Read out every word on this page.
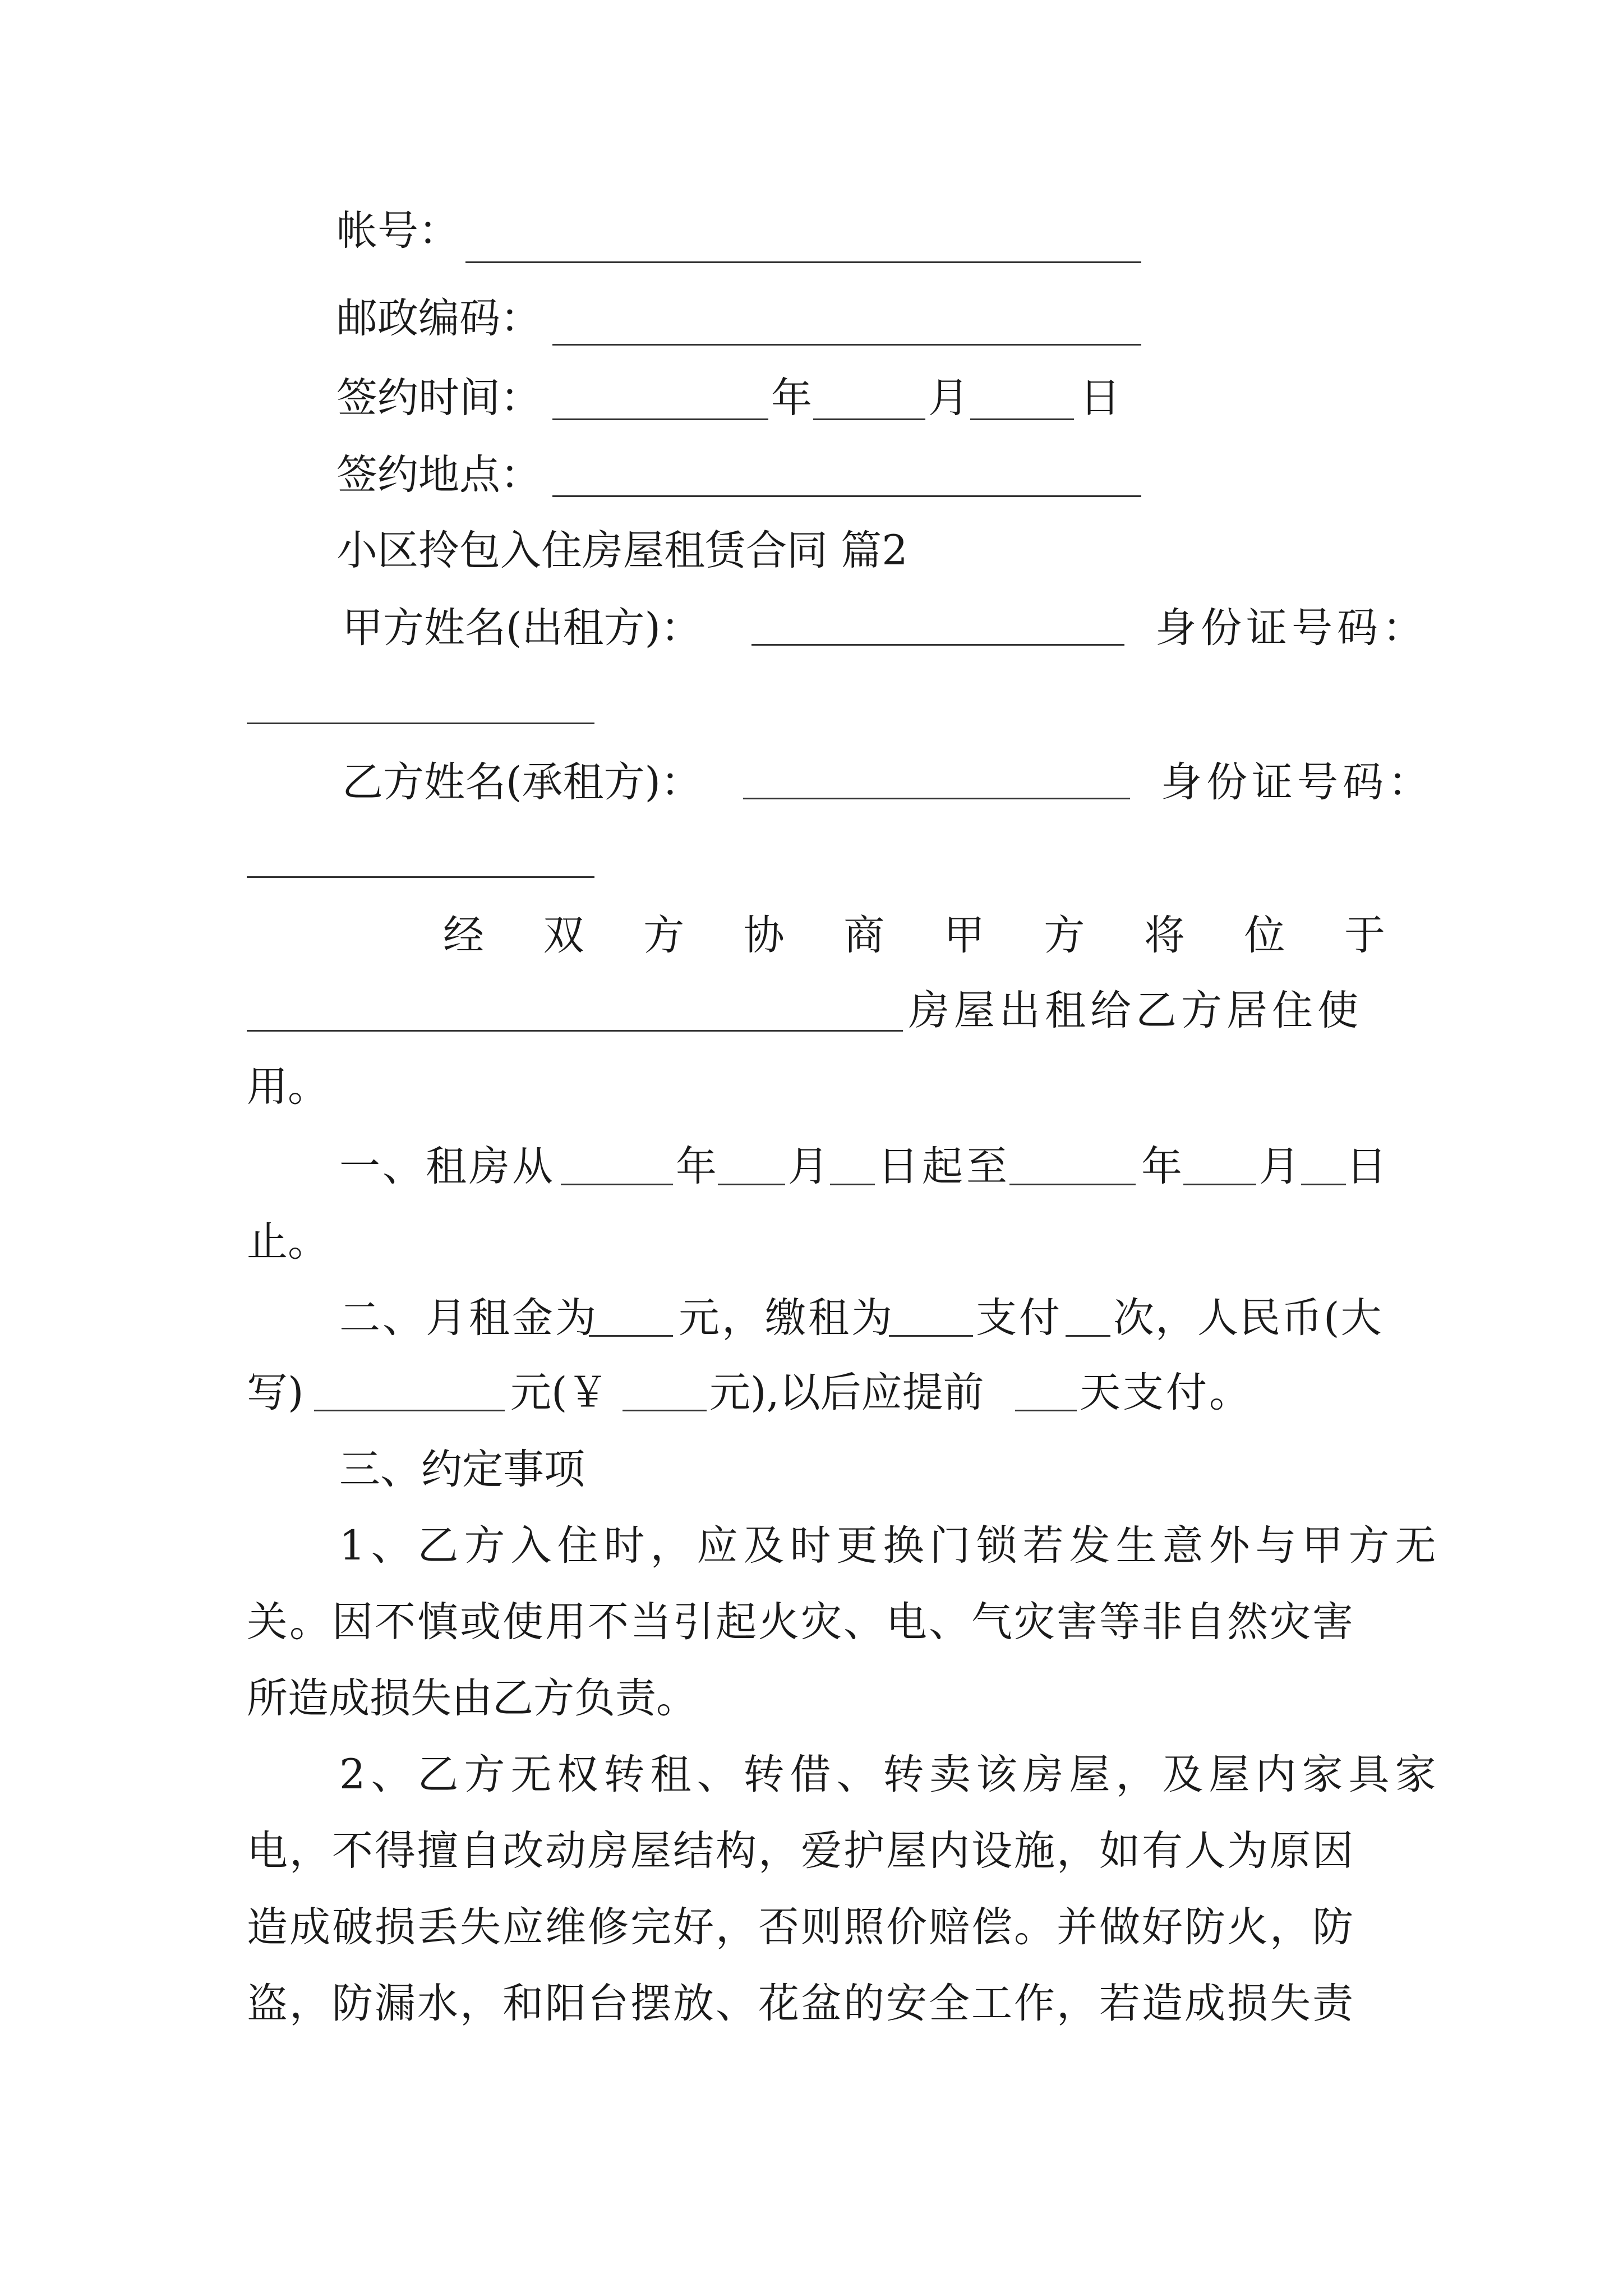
帐号：
邮政编码：
签约时间：	年	月	日
签约地点：
小区拎包入住房屋租赁合同 篇2
甲方姓名(出租方)：	身份证号码：
乙方姓名(承租方)：	身份证号码：
经 双 方 协 商 甲 方 将 位 于
房屋出租给乙方居住使
用。
一、租房从	年 月 日起至	年 月 日
止。
二、月租金为 元，缴租为 支付 次，人民币(大
写)	元(￥ 元),以后应提前 天支付。
三、约定事项
1、乙方入住时，应及时更换门锁若发生意外与甲方无
关。因不慎或使用不当引起火灾、电、气灾害等非自然灾害
所造成损失由乙方负责。
2、乙方无权转租、转借、转卖该房屋，及屋内家具家
电，不得擅自改动房屋结构，爱护屋内设施，如有人为原因
造成破损丢失应维修完好，否则照价赔偿。并做好防火，防
盗，防漏水，和阳台摆放、花盆的安全工作，若造成损失责
